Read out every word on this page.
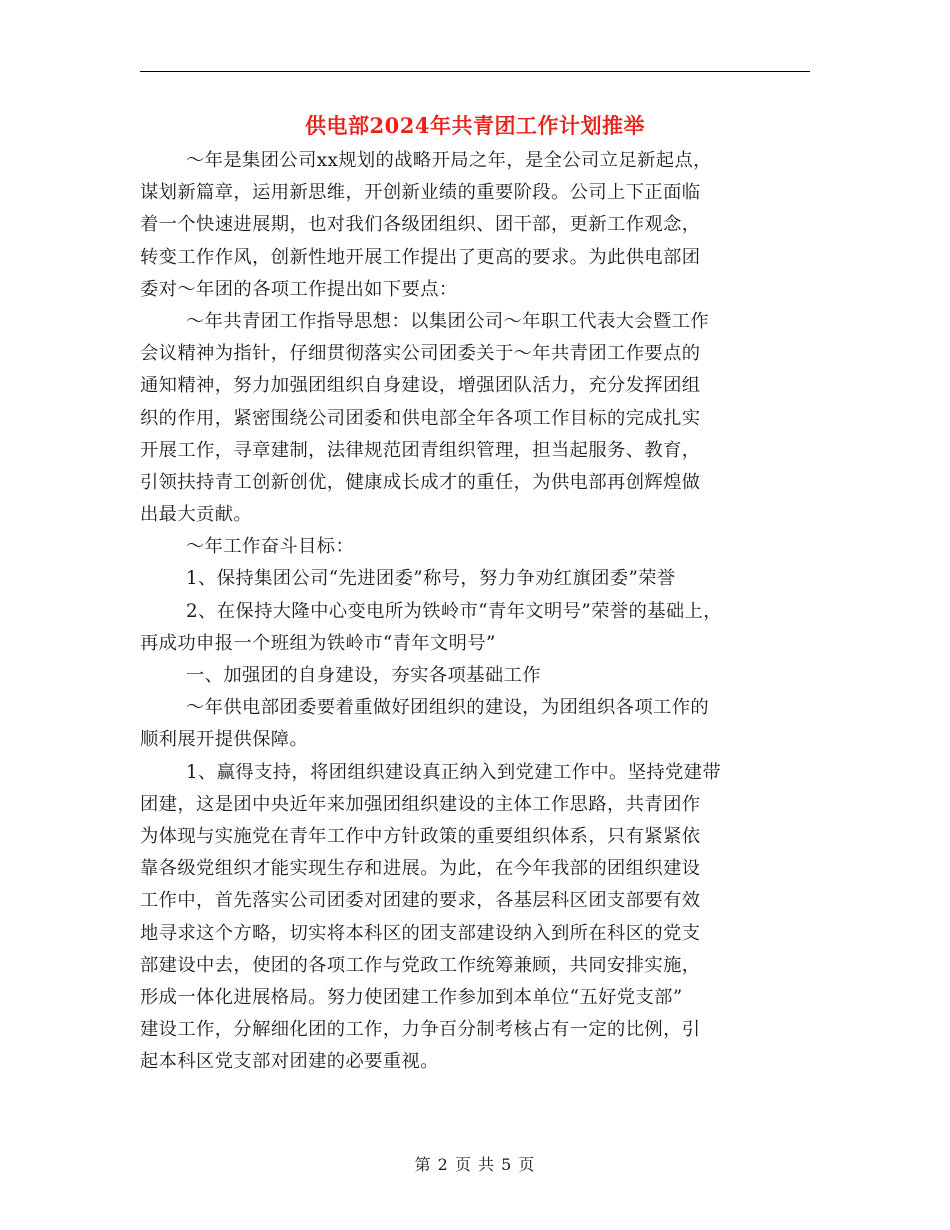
供电部2024年共青团工作计划推举
～年是集团公司xx规划的战略开局之年，是全公司立足新起点，
谋划新篇章，运用新思维，开创新业绩的重要阶段。公司上下正面临
着一个快速进展期，也对我们各级团组织、团干部，更新工作观念，
转变工作作风，创新性地开展工作提出了更高的要求。为此供电部团
委对～年团的各项工作提出如下要点：
～年共青团工作指导思想：以集团公司～年职工代表大会暨工作
会议精神为指针，仔细贯彻落实公司团委关于～年共青团工作要点的
通知精神，努力加强团组织自身建设，增强团队活力，充分发挥团组
织的作用，紧密围绕公司团委和供电部全年各项工作目标的完成扎实
开展工作，寻章建制，法律规范团青组织管理，担当起服务、教育，
引领扶持青工创新创优，健康成长成才的重任，为供电部再创辉煌做
出最大贡献。
～年工作奋斗目标：
1、保持集团公司“先进团委”称号，努力争劝红旗团委”荣誉
2、在保持大隆中心变电所为铁岭市“青年文明号”荣誉的基础上，
再成功申报一个班组为铁岭市“青年文明号”
一、加强团的自身建设，夯实各项基础工作
～年供电部团委要着重做好团组织的建设，为团组织各项工作的
顺利展开提供保障。
1、赢得支持，将团组织建设真正纳入到党建工作中。坚持党建带
团建，这是团中央近年来加强团组织建设的主体工作思路，共青团作
为体现与实施党在青年工作中方针政策的重要组织体系，只有紧紧依
靠各级党组织才能实现生存和进展。为此，在今年我部的团组织建设
工作中，首先落实公司团委对团建的要求，各基层科区团支部要有效
地寻求这个方略，切实将本科区的团支部建设纳入到所在科区的党支
部建设中去，使团的各项工作与党政工作统筹兼顾，共同安排实施，
形成一体化进展格局。努力使团建工作参加到本单位“五好党支部”
建设工作，分解细化团的工作，力争百分制考核占有一定的比例，引
起本科区党支部对团建的必要重视。
第 2 页 共 5 页
